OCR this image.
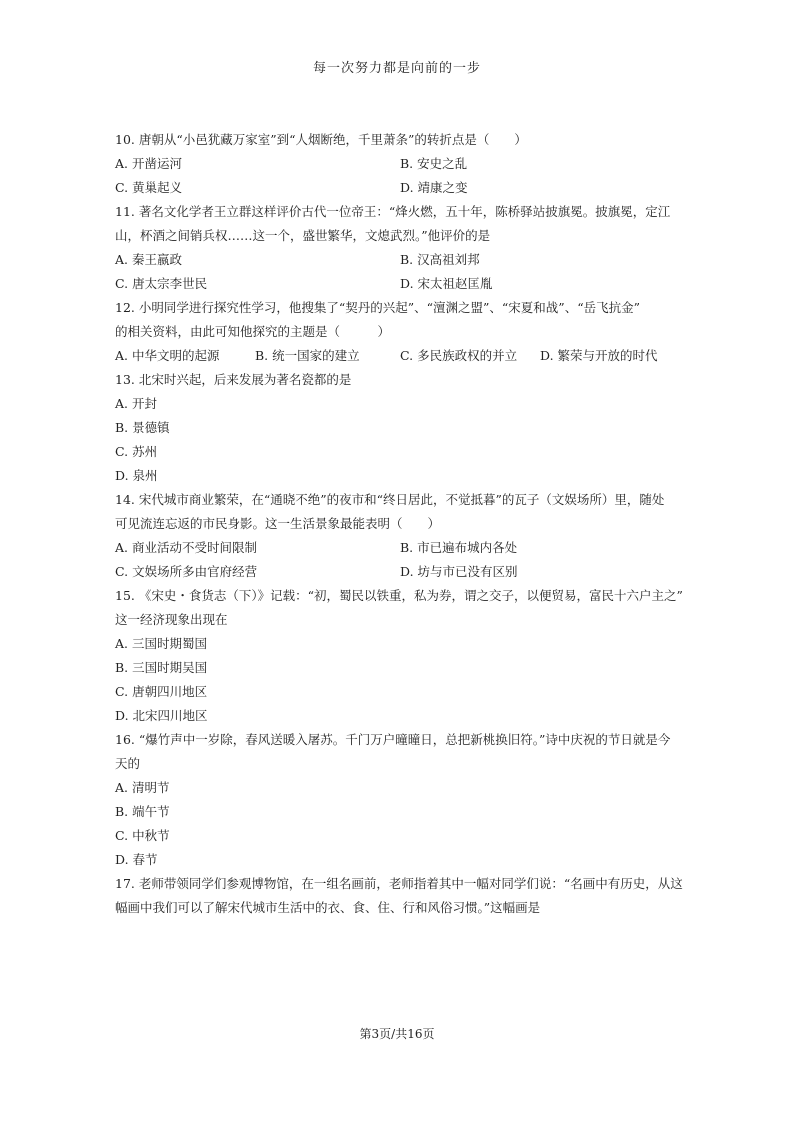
每一次努力都是向前的一步
10. 唐朝从“小邑犹藏万家室”到“人烟断绝，千里萧条”的转折点是（　　）
A. 开凿运河	B. 安史之乱
C. 黄巢起义	D. 靖康之变
11. 著名文化学者王立群这样评价古代一位帝王：“烽火燃，五十年，陈桥驿站披旗冕。披旗冕，定江
山，杯酒之间销兵权……这一个，盛世繁华，文熄武烈。”他评价的是
A. 秦王嬴政	B. 汉高祖刘邦
C. 唐太宗李世民	D. 宋太祖赵匡胤
12. 小明同学进行探究性学习，他搜集了“契丹的兴起”、“澶渊之盟”、“宋夏和战”、“岳飞抗金”
的相关资料，由此可知他探究的主题是（　　　）
A. 中华文明的起源	B. 统一国家的建立	C. 多民族政权的并立	D. 繁荣与开放的时代
13. 北宋时兴起，后来发展为著名瓷都的是
A. 开封
B. 景德镇
C. 苏州
D. 泉州
14. 宋代城市商业繁荣，在“通晓不绝”的夜市和“终日居此，不觉抵暮”的瓦子（文娱场所）里，随处
可见流连忘返的市民身影。这一生活景象最能表明（　　）
A. 商业活动不受时间限制	B. 市已遍布城内各处
C. 文娱场所多由官府经营	D. 坊与市已没有区别
15. 《宋史・食货志（下）》记载：“初，蜀民以铁重，私为券，谓之交子，以便贸易，富民十六户主之”
这一经济现象出现在
A. 三国时期蜀国
B. 三国时期吴国
C. 唐朝四川地区
D. 北宋四川地区
16. “爆竹声中一岁除，春风送暖入屠苏。千门万户曈曈日，总把新桃换旧符。”诗中庆祝的节日就是今
天的
A. 清明节
B. 端午节
C. 中秋节
D. 春节
17. 老师带领同学们参观博物馆，在一组名画前，老师指着其中一幅对同学们说：“名画中有历史，从这
幅画中我们可以了解宋代城市生活中的衣、食、住、行和风俗习惯。”这幅画是
第3页/共16页
